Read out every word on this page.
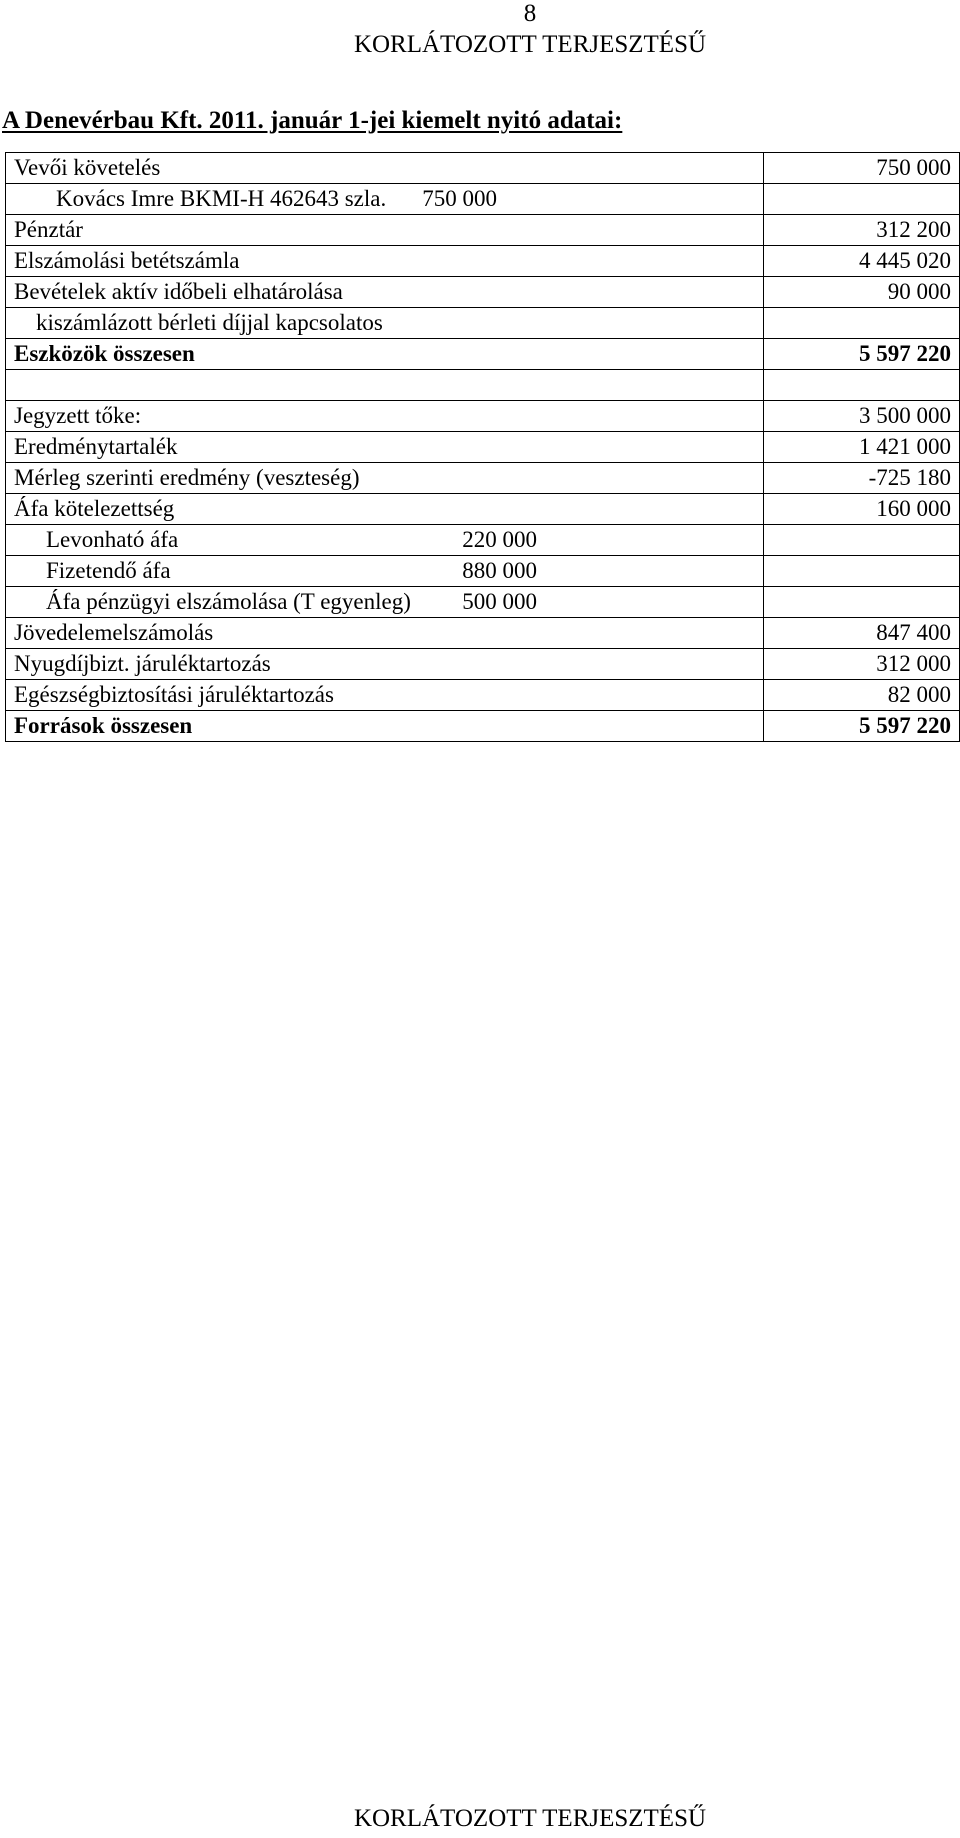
8
KORLÁTOZOTT TERJESZTÉSŰ
A Denevérbau Kft. 2011. január 1-jei kiemelt nyitó adatai:
Vevői követelés		750 000
Kovács Imre BKMI-H 462643 szla.	750 000	
Pénztár		312 200
Elszámolási betétszámla		4 445 020
Bevételek aktív időbeli elhatárolása		90 000
kiszámlázott bérleti díjjal kapcsolatos		
Eszközök összesen		5 597 220

Jegyzett tőke:		3 500 000
Eredménytartalék		1 421 000
Mérleg szerinti eredmény (veszteség)		-725 180
Áfa kötelezettség		160 000
Levonható áfa	220 000	
Fizetendő áfa	880 000	
Áfa pénzügyi elszámolása (T egyenleg)	500 000	
Jövedelemelszámolás		847 400
Nyugdíjbizt. járuléktartozás		312 000
Egészségbiztosítási járuléktartozás		82 000
Források összesen		5 597 220
KORLÁTOZOTT TERJESZTÉSŰ
